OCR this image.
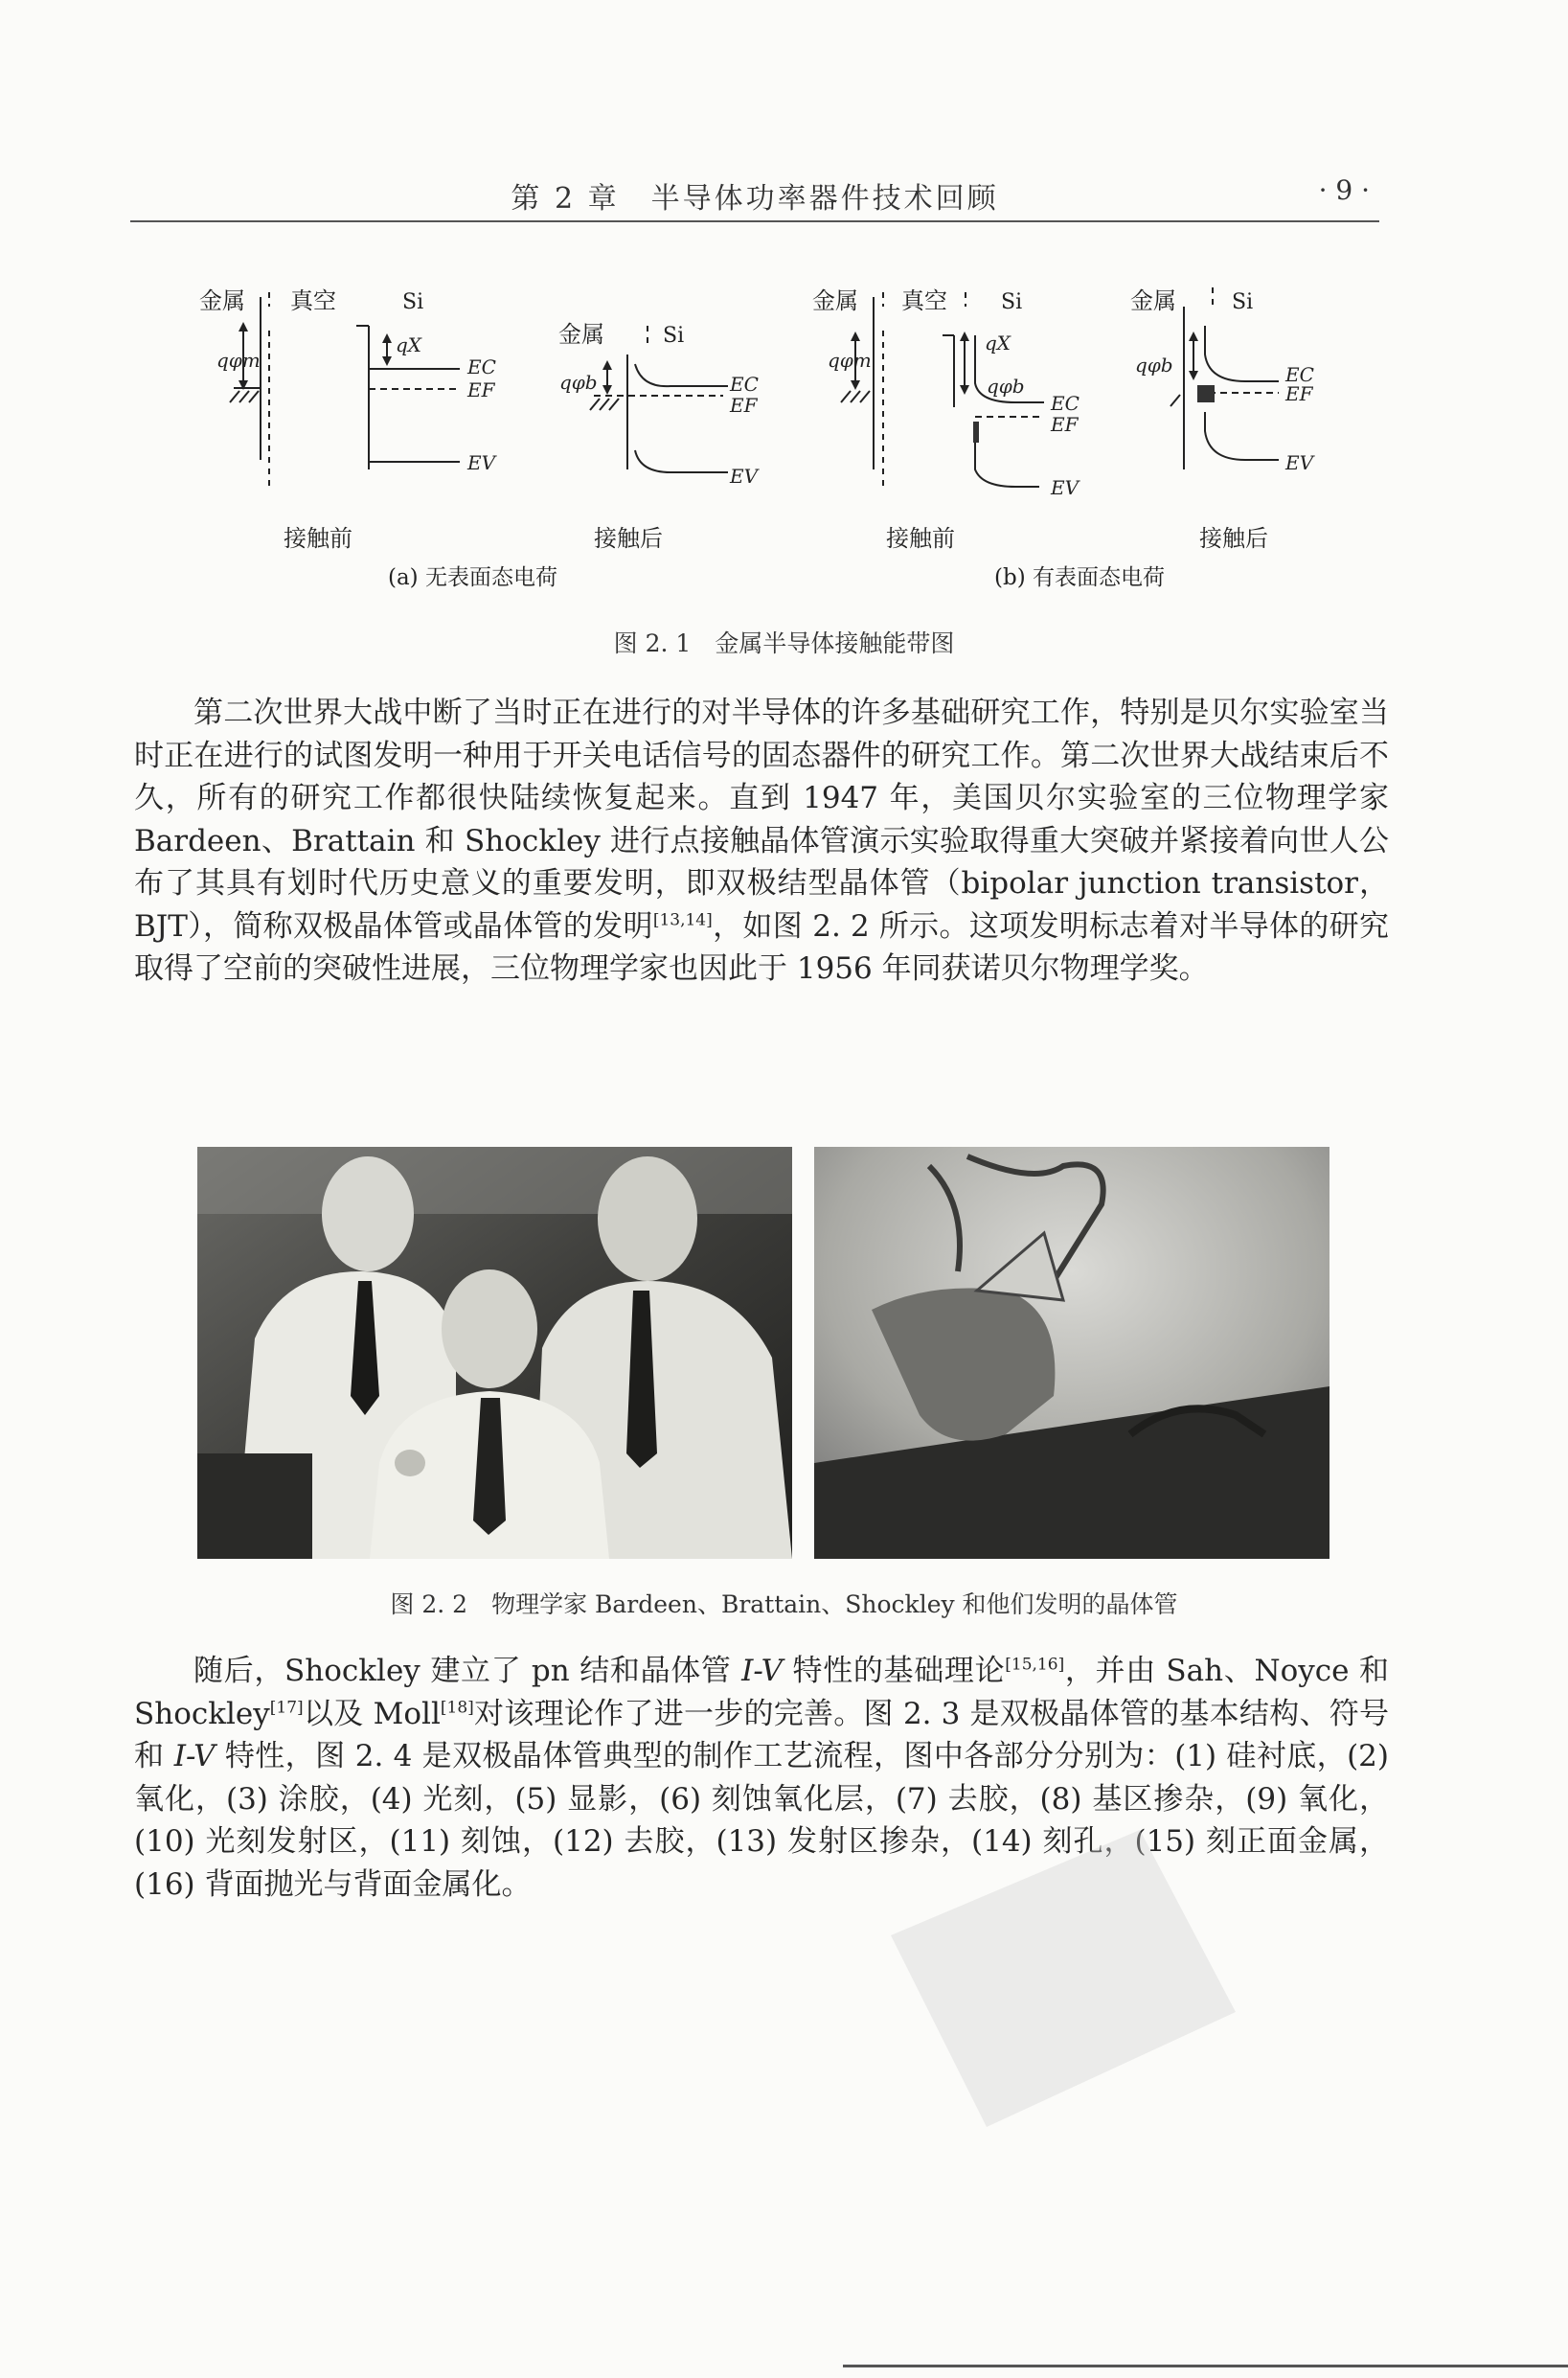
第 2 章　半导体功率器件技术回顾	· 9 ·
金属 真空	Si
qφm
qX
EC
EF
EV
金属	Si
qφb	EC
EF
EV
金属 真空	Si
qφm
qX
qφb
EC
EF
EV
金属	Si
qφb	EC
EF
EV
接触前	接触后	接触前	接触后
(a) 无表面态电荷	(b) 有表面态电荷
图 2. 1　金属半导体接触能带图

第二次世界大战中断了当时正在进行的对半导体的许多基础研究工作，特别是贝尔实验室当时正在进行的试图发明一种用于开关电话信号的固态器件的研究工作。第二次世界大战结束后不久，所有的研究工作都很快陆续恢复起来。直到 1947 年，美国贝尔实验室的三位物理学家 Bardeen、Brattain 和 Shockley 进行点接触晶体管演示实验取得重大突破并紧接着向世人公布了其具有划时代历史意义的重要发明，即双极结型晶体管（bipolar junction transistor，BJT），简称双极晶体管或晶体管的发明[13,14]，如图 2. 2 所示。这项发明标志着对半导体的研究取得了空前的突破性进展，三位物理学家也因此于 1956 年同获诺贝尔物理学奖。

图 2. 2　物理学家 Bardeen、Brattain、Shockley 和他们发明的晶体管

随后，Shockley 建立了 pn 结和晶体管 I-V 特性的基础理论[15,16]，并由 Sah、Noyce 和 Shockley[17]以及 Moll[18]对该理论作了进一步的完善。图 2. 3 是双极晶体管的基本结构、符号和 I-V 特性，图 2. 4 是双极晶体管典型的制作工艺流程，图中各部分分别为：(1) 硅衬底，(2) 氧化，(3) 涂胶，(4) 光刻，(5) 显影，(6) 刻蚀氧化层，(7) 去胶，(8) 基区掺杂，(9) 氧化，(10) 光刻发射区，(11) 刻蚀，(12) 去胶，(13) 发射区掺杂，(14) 刻孔，(15) 刻正面金属，(16) 背面抛光与背面金属化。
